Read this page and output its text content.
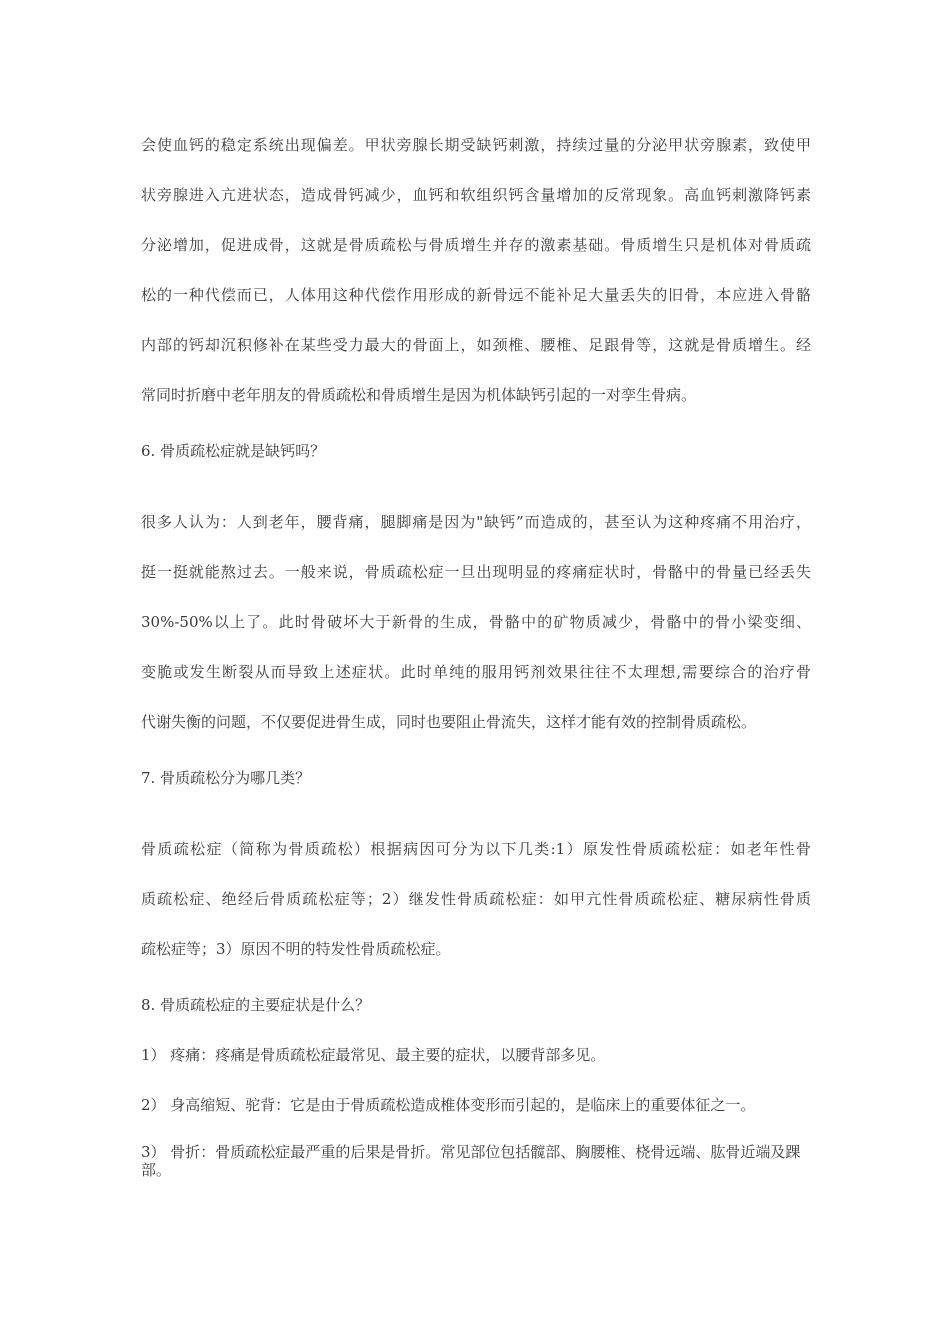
会使血钙的稳定系统出现偏差。甲状旁腺长期受缺钙刺激，持续过量的分泌甲状旁腺素，致使甲
状旁腺进入亢进状态，造成骨钙减少，血钙和软组织钙含量增加的反常现象。高血钙刺激降钙素
分泌增加，促进成骨，这就是骨质疏松与骨质增生并存的激素基础。骨质增生只是机体对骨质疏
松的一种代偿而已，人体用这种代偿作用形成的新骨远不能补足大量丢失的旧骨，本应进入骨骼
内部的钙却沉积修补在某些受力最大的骨面上，如颈椎、腰椎、足跟骨等，这就是骨质增生。经
常同时折磨中老年朋友的骨质疏松和骨质增生是因为机体缺钙引起的一对孪生骨病。
6. 骨质疏松症就是缺钙吗？
很多人认为：人到老年，腰背痛，腿脚痛是因为"缺钙”而造成的，甚至认为这种疼痛不用治疗，
挺一挺就能熬过去。一般来说，骨质疏松症一旦出现明显的疼痛症状时，骨骼中的骨量已经丢失
30%-50%以上了。此时骨破坏大于新骨的生成，骨骼中的矿物质减少，骨骼中的骨小梁变细、
变脆或发生断裂从而导致上述症状。此时单纯的服用钙剂效果往往不太理想,需要综合的治疗骨
代谢失衡的问题，不仅要促进骨生成，同时也要阻止骨流失，这样才能有效的控制骨质疏松。
7. 骨质疏松分为哪几类？
骨质疏松症（简称为骨质疏松）根据病因可分为以下几类:1）原发性骨质疏松症：如老年性骨
质疏松症、绝经后骨质疏松症等；2）继发性骨质疏松症：如甲亢性骨质疏松症、糖尿病性骨质
疏松症等；3）原因不明的特发性骨质疏松症。
8. 骨质疏松症的主要症状是什么？
1） 疼痛：疼痛是骨质疏松症最常见、最主要的症状，以腰背部多见。
2） 身高缩短、驼背：它是由于骨质疏松造成椎体变形而引起的，是临床上的重要体征之一。
3） 骨折：骨质疏松症最严重的后果是骨折。常见部位包括髋部、胸腰椎、桡骨远端、肱骨近端及踝部。
